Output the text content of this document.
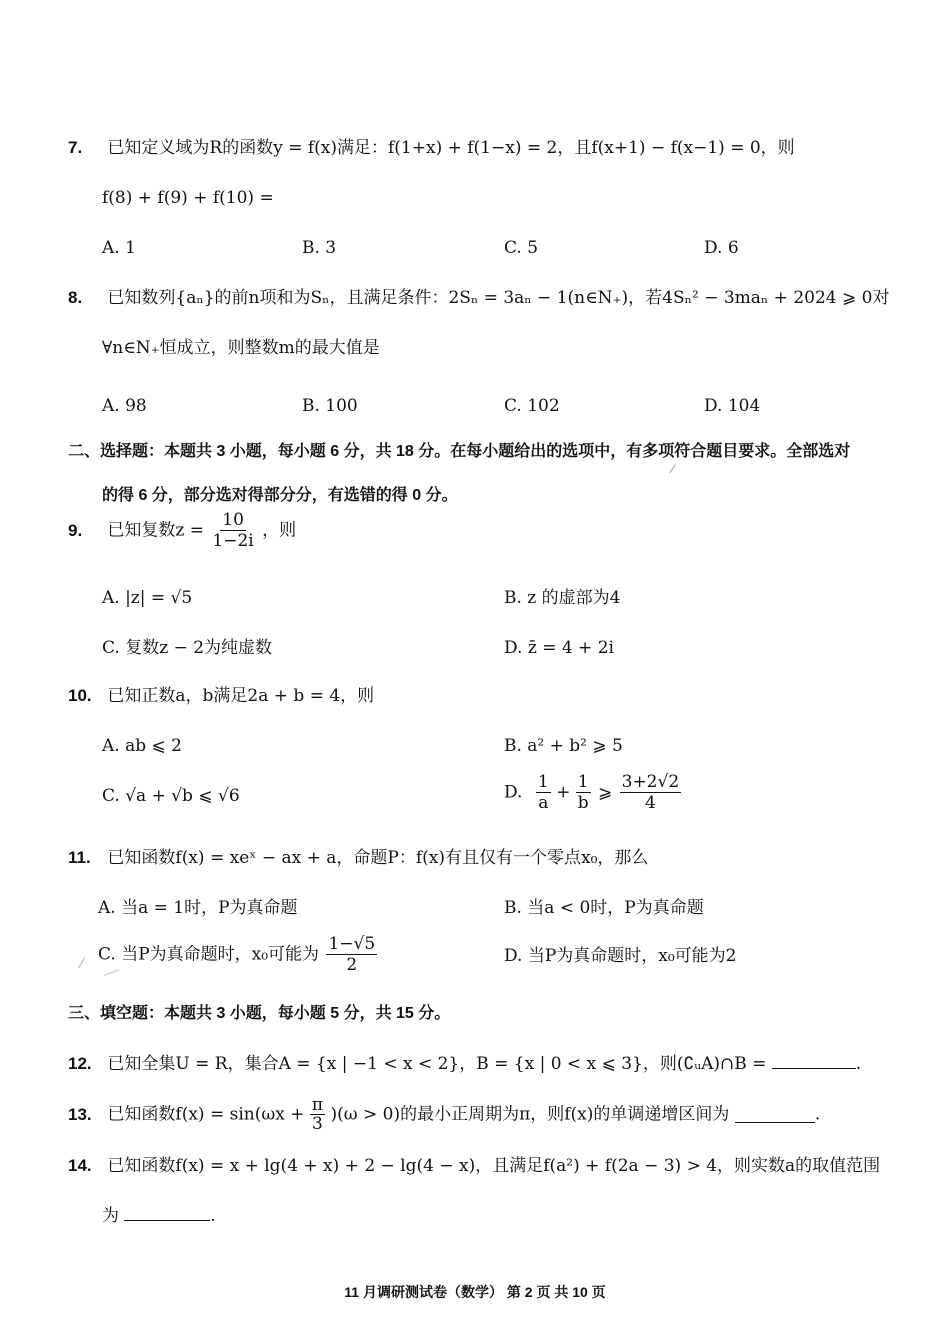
7. 已知定义域为R的函数y = f(x)满足：f(1+x) + f(1−x) = 2，且f(x+1) − f(x−1) = 0，则
f(8) + f(9) + f(10) =
A. 1	B. 3	C. 5	D. 6
8. 已知数列{aₙ}的前n项和为Sₙ，且满足条件：2Sₙ = 3aₙ − 1(n∈N₊)，若4Sₙ² − 3maₙ + 2024 ⩾ 0对
∀n∈N₊恒成立，则整数m的最大值是
A. 98	B. 100	C. 102	D. 104
二、选择题：本题共 3 小题，每小题 6 分，共 18 分。在每小题给出的选项中，有多项符合题目要求。全部选对
的得 6 分，部分选对得部分分，有选错的得 0 分。
9. 已知复数$z = \frac{10}{1-2i}$ ，则
A. |z| = √5	B. z 的虚部为4
C. 复数z − 2为纯虚数	D. z̄ = 4 + 2i
10. 已知正数a，b满足2a + b = 4，则
A. ab ⩽ 2	B. a² + b² ⩾ 5
C. √a + √b ⩽ √6	D. $\frac{1}{a} + \frac{1}{b}$ ⩾ $\frac{3+2√2}{4}$
11. 已知函数f(x) = xeˣ − ax + a，命题P：f(x)有且仅有一个零点x₀，那么
A. 当a = 1时，P为真命题	B. 当a < 0时，P为真命题
C. 当P为真命题时，x₀可能为 $\frac{1-√5}{2}$	D. 当P为真命题时，x₀可能为2
三、填空题：本题共 3 小题，每小题 5 分，共 15 分。
12. 已知全集U = R，集合A = {x | −1 < x < 2}，B = {x | 0 < x ⩽ 3}，则(∁ᵤA)∩B =	.
13. 已知函数$f(x) = \sin(\omega x + \frac{\pi}{3} )(\omega > 0)$的最小正周期为π，则f(x)的单调递增区间为	.
14. 已知函数f(x) = x + lg(4 + x) + 2 − lg(4 − x)，且满足f(a²) + f(2a − 3) > 4，则实数a的取值范围
为	.
11 月调研测试卷（数学） 第 2 页 共 10 页
